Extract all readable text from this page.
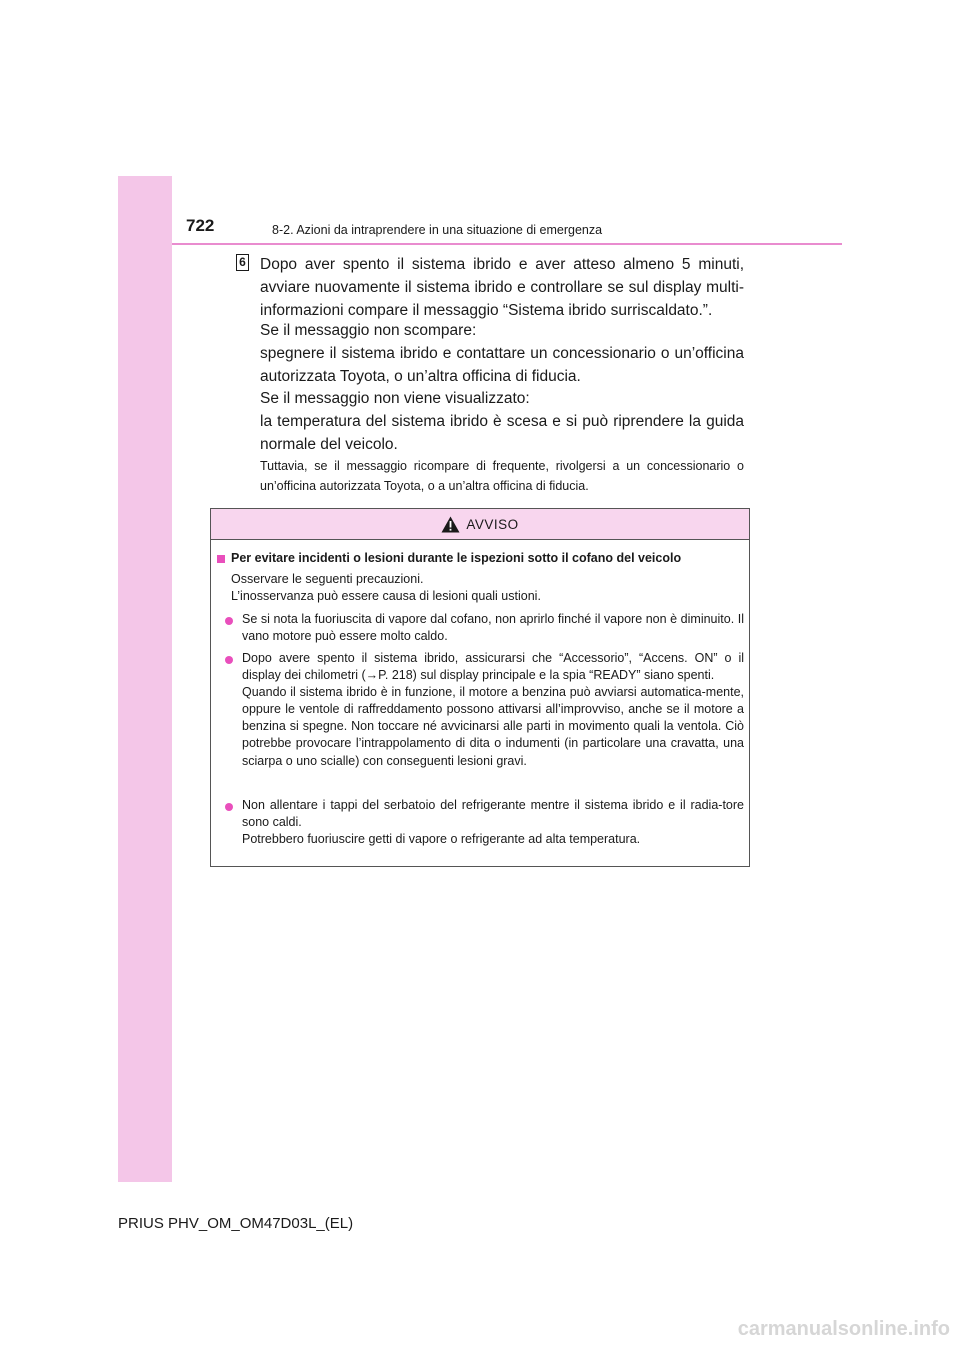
722	8-2. Azioni da intraprendere in una situazione di emergenza
6 Dopo aver spento il sistema ibrido e aver atteso almeno 5 minuti, avviare nuovamente il sistema ibrido e controllare se sul display multi-informazioni compare il messaggio “Sistema ibrido surriscaldato.”.
Se il messaggio non scompare:
spegnere il sistema ibrido e contattare un concessionario o un’officina autorizzata Toyota, o un’altra officina di fiducia.
Se il messaggio non viene visualizzato:
la temperatura del sistema ibrido è scesa e si può riprendere la guida normale del veicolo.
Tuttavia, se il messaggio ricompare di frequente, rivolgersi a un concessionario o un’officina autorizzata Toyota, o a un’altra officina di fiducia.
AVVISO
Per evitare incidenti o lesioni durante le ispezioni sotto il cofano del veicolo
Osservare le seguenti precauzioni.
L’inosservanza può essere causa di lesioni quali ustioni.
Se si nota la fuoriuscita di vapore dal cofano, non aprirlo finché il vapore non è diminuito. Il vano motore può essere molto caldo.
Dopo avere spento il sistema ibrido, assicurarsi che “Accessorio”, “Accens. ON” o il display dei chilometri (→P. 218) sul display principale e la spia “READY” siano spenti.
Quando il sistema ibrido è in funzione, il motore a benzina può avviarsi automatica-mente, oppure le ventole di raffreddamento possono attivarsi all’improvviso, anche se il motore a benzina si spegne. Non toccare né avvicinarsi alle parti in movimento quali la ventola. Ciò potrebbe provocare l’intrappolamento di dita o indumenti (in particolare una cravatta, una sciarpa o uno scialle) con conseguenti lesioni gravi.
Non allentare i tappi del serbatoio del refrigerante mentre il sistema ibrido e il radia-tore sono caldi.
Potrebbero fuoriuscire getti di vapore o refrigerante ad alta temperatura.
PRIUS PHV_OM_OM47D03L_(EL)
carmanualsonline.info
